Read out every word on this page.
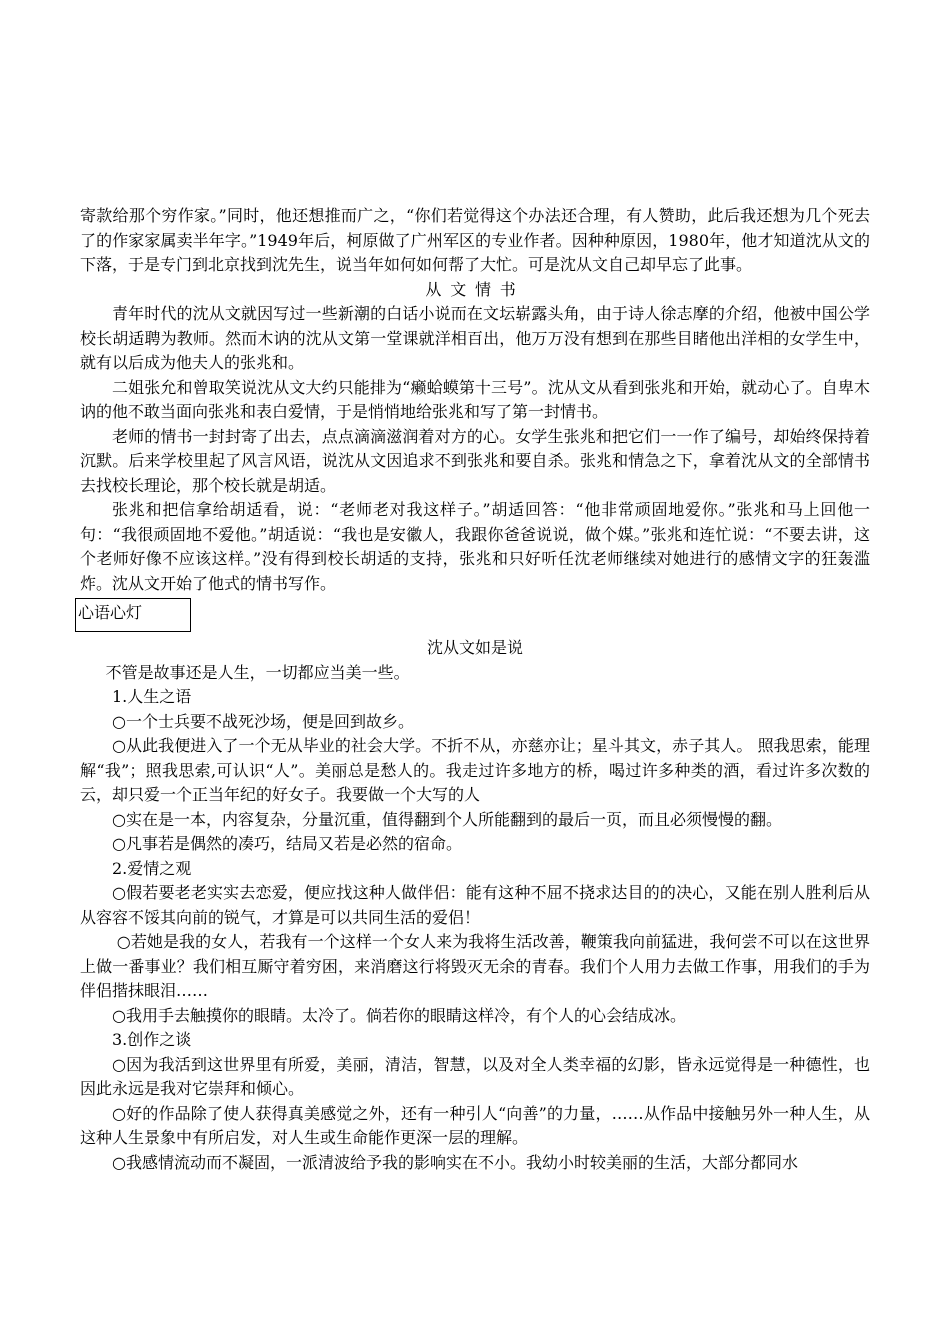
寄款给那个穷作家。”同时，他还想推而广之，“你们若觉得这个办法还合理，有人赞助，此后我还想为几个死去了的作家家属卖半年字。”1949年后，柯原做了广州军区的专业作者。因种种原因，1980年，他才知道沈从文的下落，于是专门到北京找到沈先生，说当年如何如何帮了大忙。可是沈从文自己却早忘了此事。

从文情书

青年时代的沈从文就因写过一些新潮的白话小说而在文坛崭露头角，由于诗人徐志摩的介绍，他被中国公学校长胡适聘为教师。然而木讷的沈从文第一堂课就洋相百出，他万万没有想到在那些目睹他出洋相的女学生中，就有以后成为他夫人的张兆和。

二姐张允和曾取笑说沈从文大约只能排为“癞蛤蟆第十三号”。沈从文从看到张兆和开始，就动心了。自卑木讷的他不敢当面向张兆和表白爱情，于是悄悄地给张兆和写了第一封情书。

老师的情书一封封寄了出去，点点滴滴滋润着对方的心。女学生张兆和把它们一一作了编号，却始终保持着沉默。后来学校里起了风言风语，说沈从文因追求不到张兆和要自杀。张兆和情急之下，拿着沈从文的全部情书去找校长理论，那个校长就是胡适。

张兆和把信拿给胡适看，说：“老师老对我这样子。”胡适回答：“他非常顽固地爱你。”张兆和马上回他一句：“我很顽固地不爱他。”胡适说：“我也是安徽人，我跟你爸爸说说，做个媒。”张兆和连忙说：“不要去讲，这个老师好像不应该这样。”没有得到校长胡适的支持，张兆和只好听任沈老师继续对她进行的感情文字的狂轰滥炸。沈从文开始了他式的情书写作。

心语心灯

沈从文如是说

不管是故事还是人生，一切都应当美一些。

1.人生之语

○一个士兵要不战死沙场，便是回到故乡。

○从此我便进入了一个无从毕业的社会大学。不折不从，亦慈亦让；星斗其文，赤子其人。 照我思索，能理解“我”；照我思索,可认识“人”。美丽总是愁人的。我走过许多地方的桥，喝过许多种类的酒，看过许多次数的云，却只爱一个正当年纪的好女子。我要做一个大写的人

○实在是一本，内容复杂，分量沉重，值得翻到个人所能翻到的最后一页，而且必须慢慢的翻。

○凡事若是偶然的凑巧，结局又若是必然的宿命。

2.爱情之观

○假若要老老实实去恋爱，便应找这种人做伴侣：能有这种不屈不挠求达目的的决心，又能在别人胜利后从从容容不馁其向前的锐气，才算是可以共同生活的爱侣！

○若她是我的女人，若我有一个这样一个女人来为我将生活改善，鞭策我向前猛进，我何尝不可以在这世界上做一番事业？我们相互厮守着穷困，来消磨这行将毁灭无余的青春。我们个人用力去做工作事，用我们的手为伴侣揩抹眼泪……

○我用手去触摸你的眼睛。太冷了。倘若你的眼睛这样冷，有个人的心会结成冰。

3.创作之谈

○因为我活到这世界里有所爱，美丽，清洁，智慧，以及对全人类幸福的幻影，皆永远觉得是一种德性，也因此永远是我对它崇拜和倾心。

○好的作品除了使人获得真美感觉之外，还有一种引人“向善”的力量，……从作品中接触另外一种人生，从这种人生景象中有所启发，对人生或生命能作更深一层的理解。

○我感情流动而不凝固，一派清波给予我的影响实在不小。我幼小时较美丽的生活，大部分都同水
